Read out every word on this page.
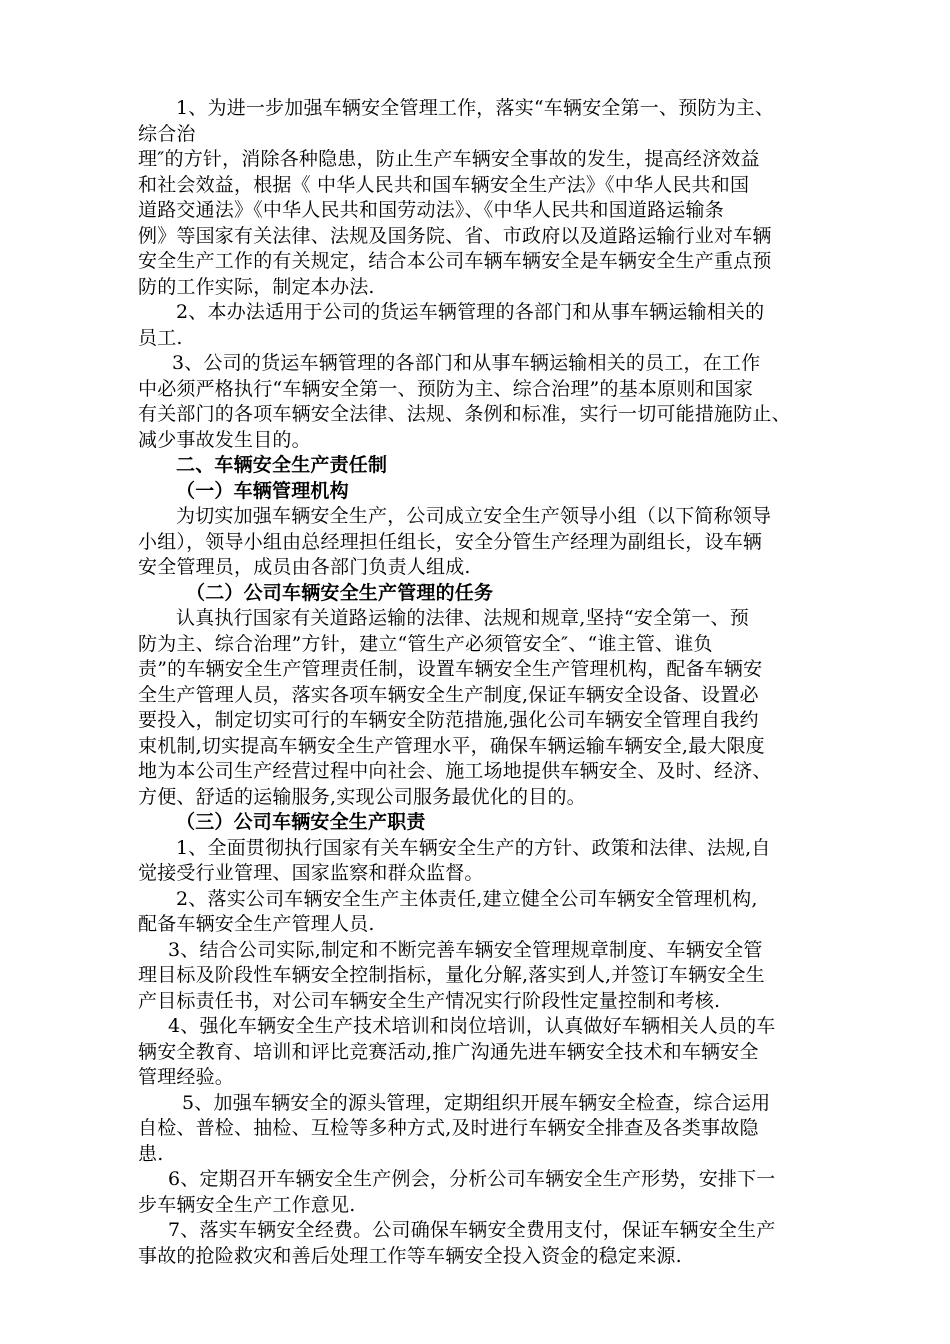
1、为进一步加强车辆安全管理工作，落实“车辆安全第一、预防为主、
综合治
理″的方针，消除各种隐患，防止生产车辆安全事故的发生，提高经济效益
和社会效益，根据《 中华人民共和国车辆安全生产法》《中华人民共和国
道路交通法》《中华人民共和国劳动法》、《中华人民共和国道路运输条
例》等国家有关法律、法规及国务院、省、市政府以及道路运输行业对车辆
安全生产工作的有关规定，结合本公司车辆车辆安全是车辆安全生产重点预
防的工作实际，制定本办法.
2、本办法适用于公司的货运车辆管理的各部门和从事车辆运输相关的
员工.
3、公司的货运车辆管理的各部门和从事车辆运输相关的员工，在工作
中必须严格执行“车辆安全第一、预防为主、综合治理”的基本原则和国家
有关部门的各项车辆安全法律、法规、条例和标准，实行一切可能措施防止、
减少事故发生目的。
二、车辆安全生产责任制
（一）车辆管理机构
为切实加强车辆安全生产，公司成立安全生产领导小组（以下简称领导
小组），领导小组由总经理担任组长，安全分管生产经理为副组长，设车辆
安全管理员，成员由各部门负责人组成.
（二）公司车辆安全生产管理的任务
认真执行国家有关道路运输的法律、法规和规章,坚持“安全第一、预
防为主、综合治理”方针，建立“管生产必须管安全″、“谁主管、谁负
责”的车辆安全生产管理责任制，设置车辆安全生产管理机构，配备车辆安
全生产管理人员，落实各项车辆安全生产制度,保证车辆安全设备、设置必
要投入，制定切实可行的车辆安全防范措施,强化公司车辆安全管理自我约
束机制,切实提高车辆安全生产管理水平，确保车辆运输车辆安全,最大限度
地为本公司生产经营过程中向社会、施工场地提供车辆安全、及时、经济、
方便、舒适的运输服务,实现公司服务最优化的目的。
（三）公司车辆安全生产职责
1、全面贯彻执行国家有关车辆安全生产的方针、政策和法律、法规,自
觉接受行业管理、国家监察和群众监督。
2、落实公司车辆安全生产主体责任,建立健全公司车辆安全管理机构,
配备车辆安全生产管理人员.
3、结合公司实际,制定和不断完善车辆安全管理规章制度、车辆安全管
理目标及阶段性车辆安全控制指标，量化分解,落实到人,并签订车辆安全生
产目标责任书，对公司车辆安全生产情况实行阶段性定量控制和考核.
4、强化车辆安全生产技术培训和岗位培训，认真做好车辆相关人员的车
辆安全教育、培训和评比竞赛活动,推广沟通先进车辆安全技术和车辆安全
管理经验。
5、加强车辆安全的源头管理，定期组织开展车辆安全检查，综合运用
自检、普检、抽检、互检等多种方式,及时进行车辆安全排查及各类事故隐
患.
6、定期召开车辆安全生产例会，分析公司车辆安全生产形势，安排下一
步车辆安全生产工作意见.
7、落实车辆安全经费。公司确保车辆安全费用支付，保证车辆安全生产
事故的抢险救灾和善后处理工作等车辆安全投入资金的稳定来源.
